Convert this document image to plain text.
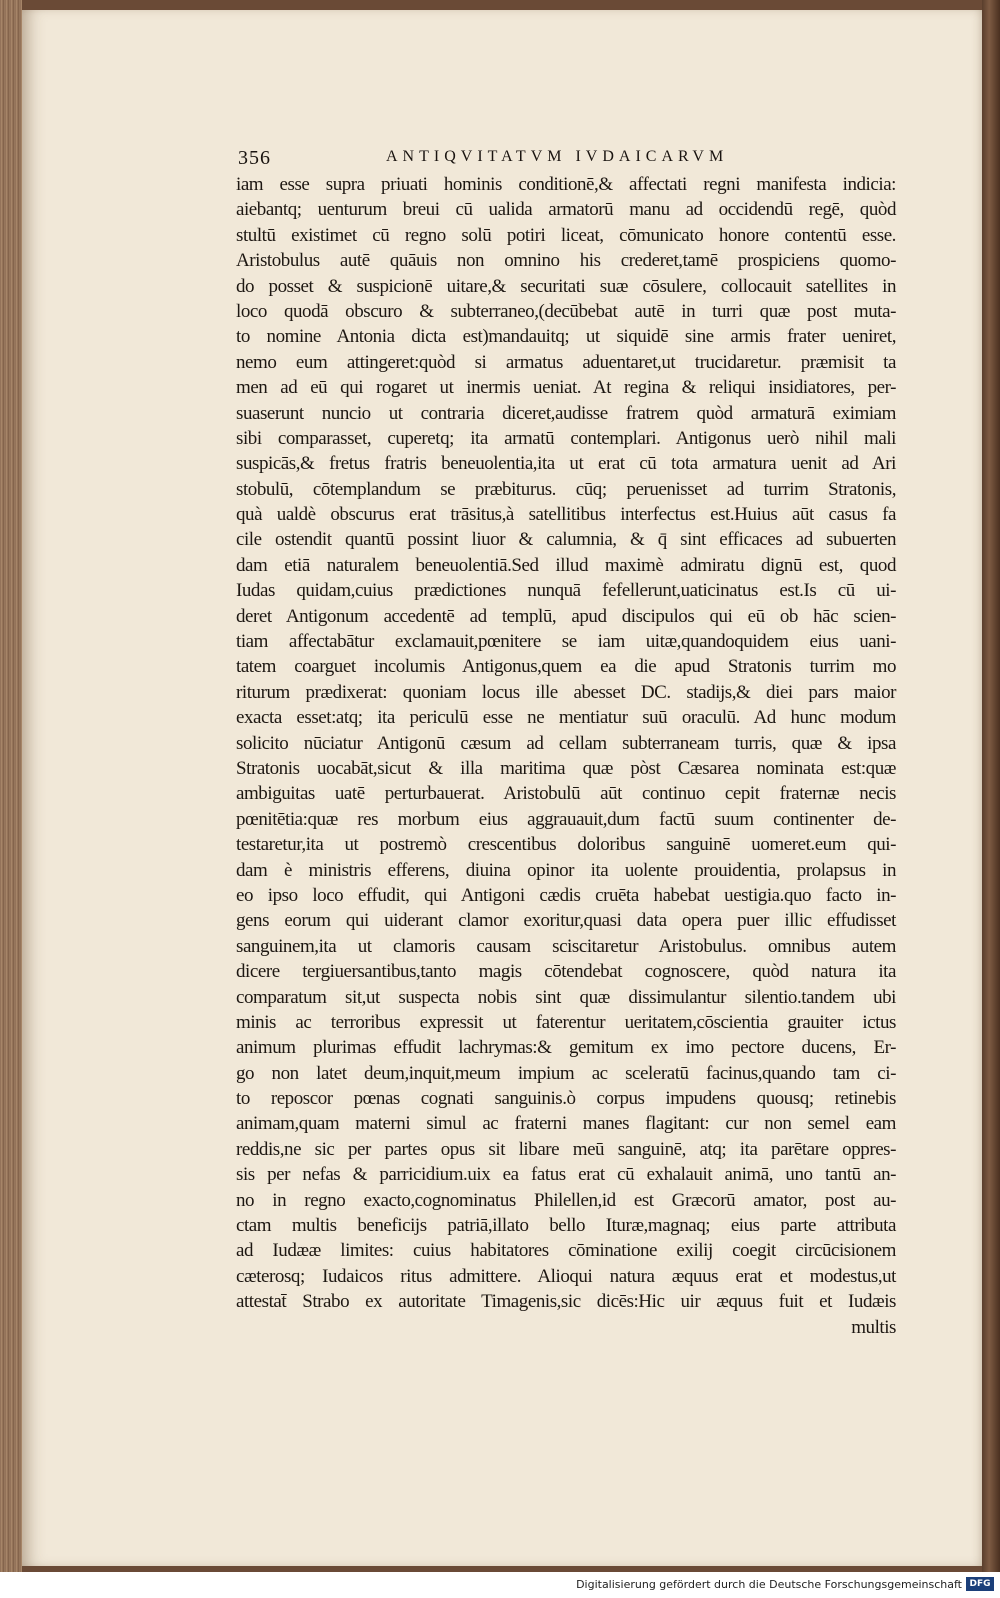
356	ANTIQVITATVM IVDAICARVM
iam esse supra priuati hominis conditionē,& affectati regni manifesta indicia:
aiebantq; uenturum breui cū ualida armatorū manu ad occidendū regē, quòd
stultū existimet cū regno solū potiri liceat, cōmunicato honore contentū esse.
Aristobulus autē quāuis non omnino his crederet,tamē prospiciens quomo-
do posset & suspicionē uitare,& securitati suæ cōsulere, collocauit satellites in
loco quodā obscuro & subterraneo,(decūbebat autē in turri quæ post muta-
to nomine Antonia dicta est)mandauitq; ut siquidē sine armis frater ueniret,
nemo eum attingeret:quòd si armatus aduentaret,ut trucidaretur. præmisit ta
men ad eū qui rogaret ut inermis ueniat. At regina & reliqui insidiatores, per-
suaserunt nuncio ut contraria diceret,audisse fratrem quòd armaturā eximiam
sibi comparasset, cuperetq; ita armatū contemplari. Antigonus uerò nihil mali
suspicās,& fretus fratris beneuolentia,ita ut erat cū tota armatura uenit ad Ari
stobulū, cōtemplandum se præbiturus. cūq; peruenisset ad turrim Stratonis,
quà ualdè obscurus erat trāsitus,à satellitibus interfectus est.Huius aūt casus fa
cile ostendit quantū possint liuor & calumnia, & q̄ sint efficaces ad subuerten
dam etiā naturalem beneuolentiā.Sed illud maximè admiratu dignū est, quod
Iudas quidam,cuius prædictiones nunquā fefellerunt,uaticinatus est.Is cū ui-
deret Antigonum accedentē ad templū, apud discipulos qui eū ob hāc scien-
tiam affectabātur exclamauit,pœnitere se iam uitæ,quandoquidem eius uani-
tatem coarguet incolumis Antigonus,quem ea die apud Stratonis turrim mo
riturum prædixerat: quoniam locus ille abesset DC. stadijs,& diei pars maior
exacta esset:atq; ita periculū esse ne mentiatur suū oraculū. Ad hunc modum
solicito nūciatur Antigonū cæsum ad cellam subterraneam turris, quæ & ipsa
Stratonis uocabāt,sicut & illa maritima quæ pòst Cæsarea nominata est:quæ
ambiguitas uatē perturbauerat. Aristobulū aūt continuo cepit fraternæ necis
pœnitētia:quæ res morbum eius aggrauauit,dum factū suum continenter de-
testaretur,ita ut postremò crescentibus doloribus sanguinē uomeret.eum qui-
dam è ministris efferens, diuina opinor ita uolente prouidentia, prolapsus in
eo ipso loco effudit, qui Antigoni cædis cruēta habebat uestigia.quo facto in-
gens eorum qui uiderant clamor exoritur,quasi data opera puer illic effudisset
sanguinem,ita ut clamoris causam sciscitaretur Aristobulus. omnibus autem
dicere tergiuersantibus,tanto magis cōtendebat cognoscere, quòd natura ita
comparatum sit,ut suspecta nobis sint quæ dissimulantur silentio.tandem ubi
minis ac terroribus expressit ut faterentur ueritatem,cōscientia grauiter ictus
animum plurimas effudit lachrymas:& gemitum ex imo pectore ducens, Er-
go non latet deum,inquit,meum impium ac sceleratū facinus,quando tam ci-
to reposcor pœnas cognati sanguinis.ò corpus impudens quousq; retinebis
animam,quam materni simul ac fraterni manes flagitant: cur non semel eam
reddis,ne sic per partes opus sit libare meū sanguinē, atq; ita parētare oppres-
sis per nefas & parricidium.uix ea fatus erat cū exhalauit animā, uno tantū an-
no in regno exacto,cognominatus Philellen,id est Græcorū amator, post au-
ctam multis beneficijs patriā,illato bello Ituræ,magnaq; eius parte attributa
ad Iudææ limites: cuius habitatores cōminatione exilij coegit circūcisionem
cæterosq; Iudaicos ritus admittere. Alioqui natura æquus erat et modestus,ut
attestat̄ Strabo ex autoritate Timagenis,sic dicēs:Hic uir æquus fuit et Iudæis
multis
Digitalisierung gefördert durch die Deutsche Forschungsgemeinschaft DFG
